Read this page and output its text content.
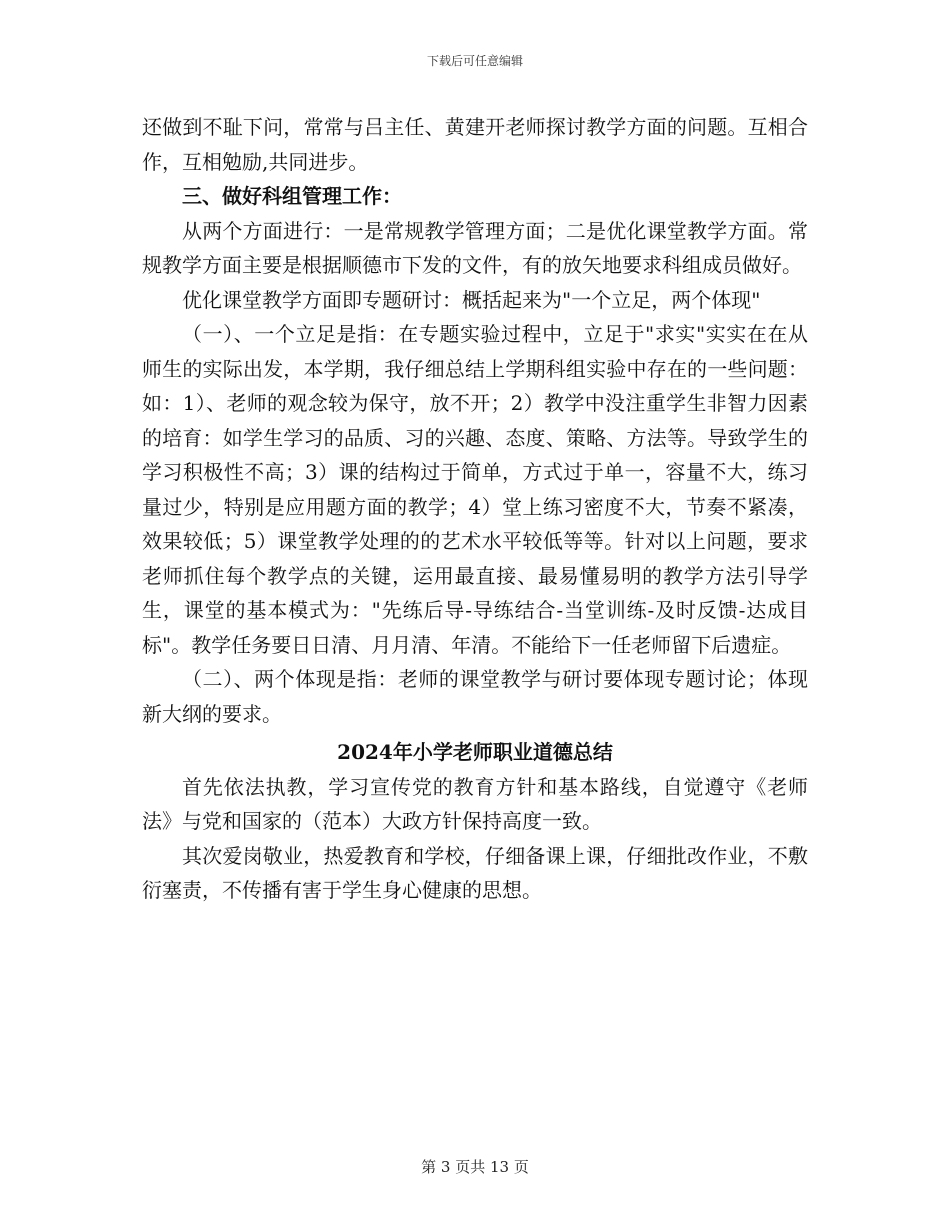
下载后可任意编辑

还做到不耻下问，常常与吕主任、黄建开老师探讨教学方面的问题。互相合作，互相勉励,共同进步。

三、做好科组管理工作：

从两个方面进行：一是常规教学管理方面；二是优化课堂教学方面。常规教学方面主要是根据顺德市下发的文件，有的放矢地要求科组成员做好。

优化课堂教学方面即专题研讨：概括起来为"一个立足，两个体现"

（一）、一个立足是指：在专题实验过程中，立足于"求实"实实在在从师生的实际出发，本学期，我仔细总结上学期科组实验中存在的一些问题：如：1）、老师的观念较为保守，放不开；2）教学中没注重学生非智力因素的培育：如学生学习的品质、习的兴趣、态度、策略、方法等。导致学生的学习积极性不高；3）课的结构过于简单，方式过于单一，容量不大，练习量过少，特别是应用题方面的教学；4）堂上练习密度不大，节奏不紧凑，效果较低；5）课堂教学处理的的艺术水平较低等等。针对以上问题，要求老师抓住每个教学点的关键，运用最直接、最易懂易明的教学方法引导学生，课堂的基本模式为："先练后导-导练结合-当堂训练-及时反馈-达成目标"。教学任务要日日清、月月清、年清。不能给下一任老师留下后遗症。

（二）、两个体现是指：老师的课堂教学与研讨要体现专题讨论；体现新大纲的要求。

2024年小学老师职业道德总结

首先依法执教，学习宣传党的教育方针和基本路线，自觉遵守《老师法》与党和国家的（范本）大政方针保持高度一致。

其次爱岗敬业，热爱教育和学校，仔细备课上课，仔细批改作业，不敷衍塞责，不传播有害于学生身心健康的思想。

第 3 页共 13 页
